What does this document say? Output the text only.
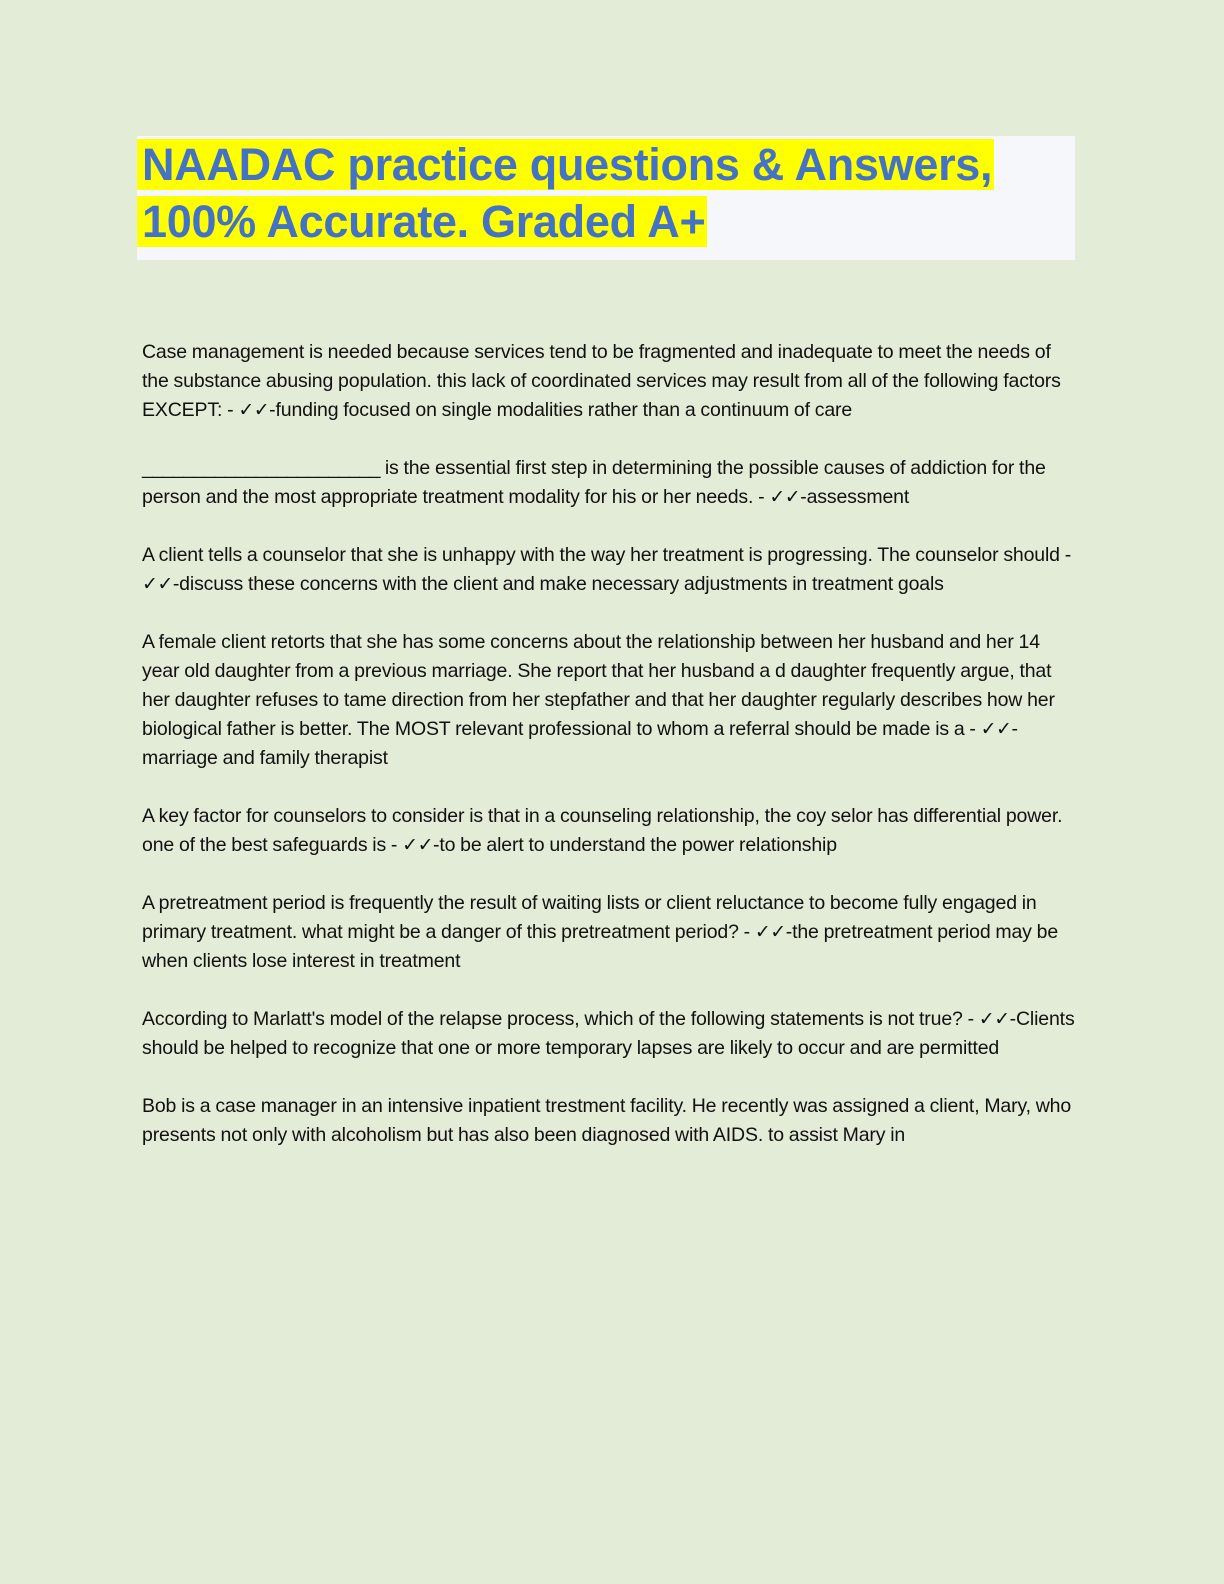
NAADAC practice questions & Answers,
100% Accurate. Graded A+

Case management is needed because services tend to be fragmented and inadequate to meet the needs of the substance abusing population. this lack of coordinated services may result from all of the following factors EXCEPT: - ✓✓-funding focused on single modalities rather than a continuum of care

_______________________ is the essential first step in determining the possible causes of addiction for the person and the most appropriate treatment modality for his or her needs. - ✓✓-assessment

A client tells a counselor that she is unhappy with the way her treatment is progressing. The counselor should - ✓✓-discuss these concerns with the client and make necessary adjustments in treatment goals

A female client retorts that she has some concerns about the relationship between her husband and her 14 year old daughter from a previous marriage. She report that her husband a d daughter frequently argue, that her daughter refuses to tame direction from her stepfather and that her daughter regularly describes how her biological father is better. The MOST relevant professional to whom a referral should be made is a - ✓✓-marriage and family therapist

A key factor for counselors to consider is that in a counseling relationship, the coy selor has differential power. one of the best safeguards is - ✓✓-to be alert to understand the power relationship

A pretreatment period is frequently the result of waiting lists or client reluctance to become fully engaged in primary treatment. what might be a danger of this pretreatment period? - ✓✓-the pretreatment period may be when clients lose interest in treatment

According to Marlatt's model of the relapse process, which of the following statements is not true? - ✓✓-Clients should be helped to recognize that one or more temporary lapses are likely to occur and are permitted

Bob is a case manager in an intensive inpatient trestment facility. He recently was assigned a client, Mary, who presents not only with alcoholism but has also been diagnosed with AIDS. to assist Mary in
